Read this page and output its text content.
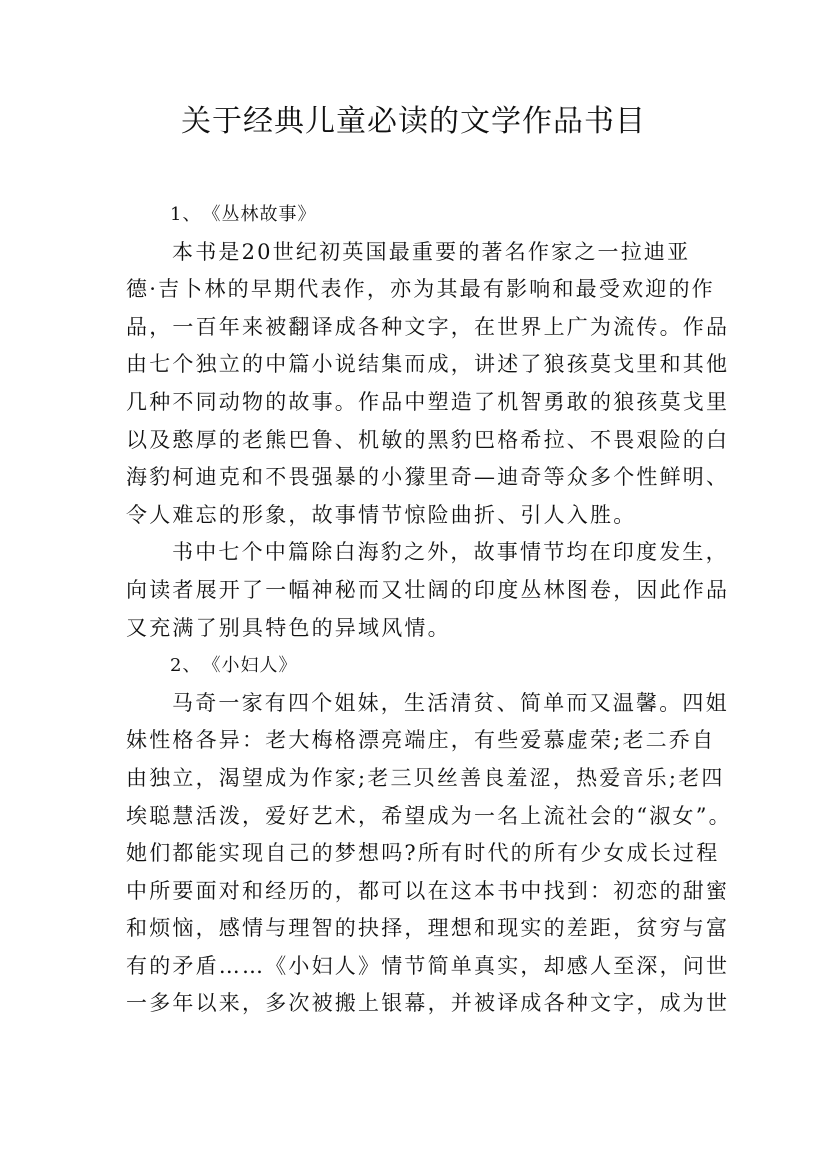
关于经典儿童必读的文学作品书目
1、　《丛林故事》
本书是20世纪初英国最重要的著名作家之一拉迪亚
德·吉卜林的早期代表作，亦为其最有影响和最受欢迎的作
品，一百年来被翻译成各种文字，在世界上广为流传。作品
由七个独立的中篇小说结集而成，讲述了狼孩莫戈里和其他
几种不同动物的故事。作品中塑造了机智勇敢的狼孩莫戈里
以及憨厚的老熊巴鲁、机敏的黑豹巴格希拉、不畏艰险的白
海豹柯迪克和不畏强暴的小獴里奇—迪奇等众多个性鲜明、
令人难忘的形象，故事情节惊险曲折、引人入胜。
书中七个中篇除白海豹之外，故事情节均在印度发生，
向读者展开了一幅神秘而又壮阔的印度丛林图卷，因此作品
又充满了别具特色的异域风情。
2、　《小妇人》
马奇一家有四个姐妹，生活清贫、简单而又温馨。四姐
妹性格各异：老大梅格漂亮端庄，有些爱慕虚荣;老二乔自
由独立，渴望成为作家;老三贝丝善良羞涩，热爱音乐;老四
埃聪慧活泼，爱好艺术，希望成为一名上流社会的“淑女”。
她们都能实现自己的梦想吗?所有时代的所有少女成长过程
中所要面对和经历的，都可以在这本书中找到：初恋的甜蜜
和烦恼，感情与理智的抉择，理想和现实的差距，贫穷与富
有的矛盾……《小妇人》情节简单真实，却感人至深，问世
一多年以来，多次被搬上银幕，并被译成各种文字，成为世
